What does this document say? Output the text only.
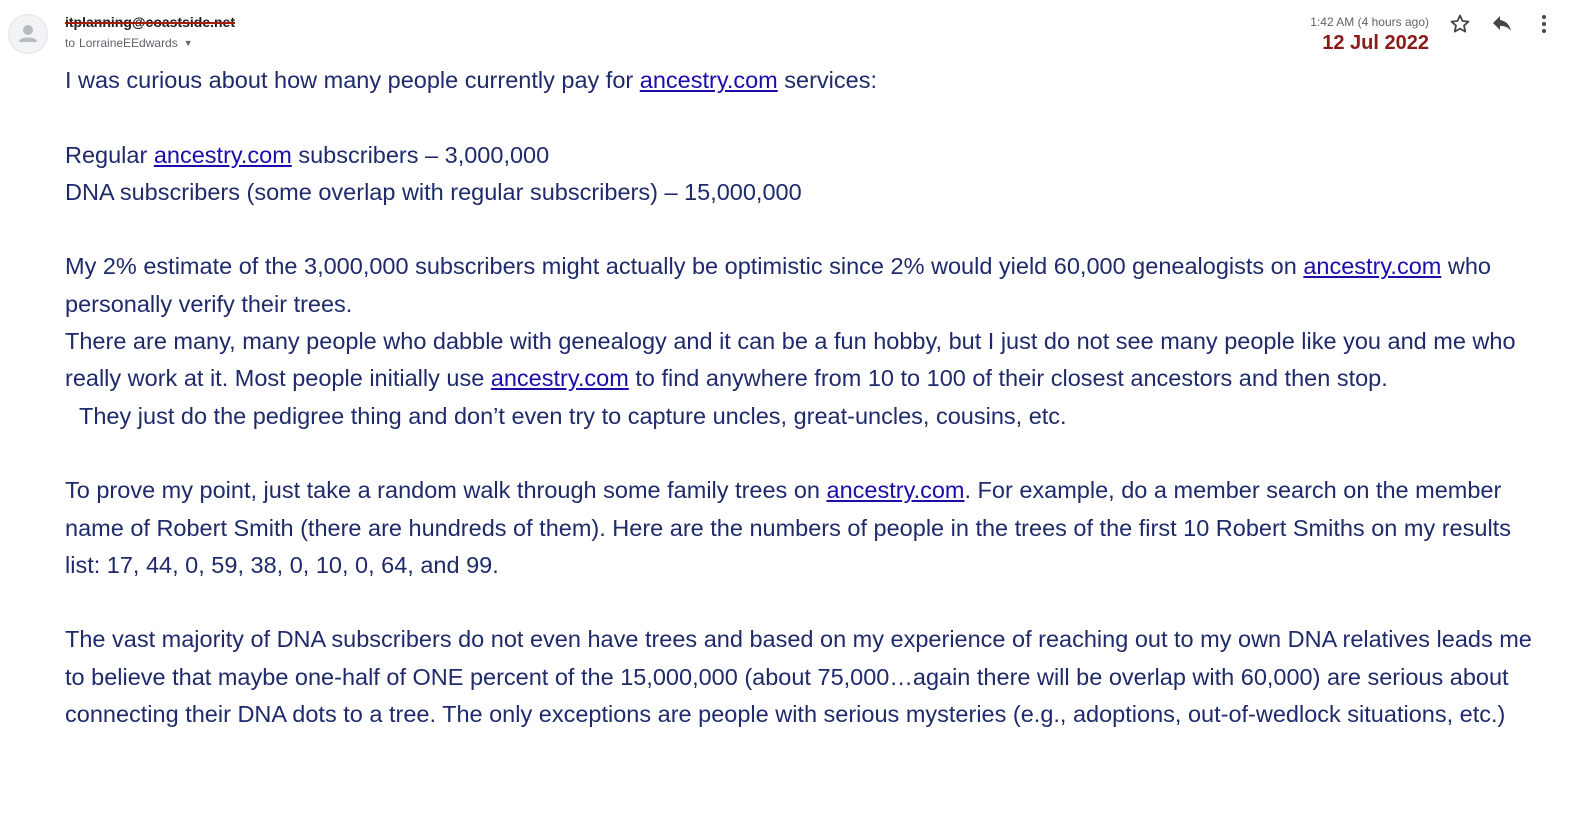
itplanning@coastside.net
to LorraineEEdwards ▼
1:42 AM (4 hours ago)
12 Jul 2022

I was curious about how many people currently pay for ancestry.com services:

Regular ancestry.com subscribers – 3,000,000

DNA subscribers (some overlap with regular subscribers) – 15,000,000

My 2% estimate of the 3,000,000 subscribers might actually be optimistic since 2% would yield 60,000 genealogists on ancestry.com who personally verify their trees.

There are many, many people who dabble with genealogy and it can be a fun hobby, but I just do not see many people like you and me who really work at it. Most people initially use ancestry.com to find anywhere from 10 to 100 of their closest ancestors and then stop.

They just do the pedigree thing and don’t even try to capture uncles, great-uncles, cousins, etc.

To prove my point, just take a random walk through some family trees on ancestry.com. For example, do a member search on the member name of Robert Smith (there are hundreds of them). Here are the numbers of people in the trees of the first 10 Robert Smiths on my results list: 17, 44, 0, 59, 38, 0, 10, 0, 64, and 99.

The vast majority of DNA subscribers do not even have trees and based on my experience of reaching out to my own DNA relatives leads me to believe that maybe one-half of ONE percent of the 15,000,000 (about 75,000…again there will be overlap with 60,000) are serious about connecting their DNA dots to a tree. The only exceptions are people with serious mysteries (e.g., adoptions, out-of-wedlock situations, etc.)
